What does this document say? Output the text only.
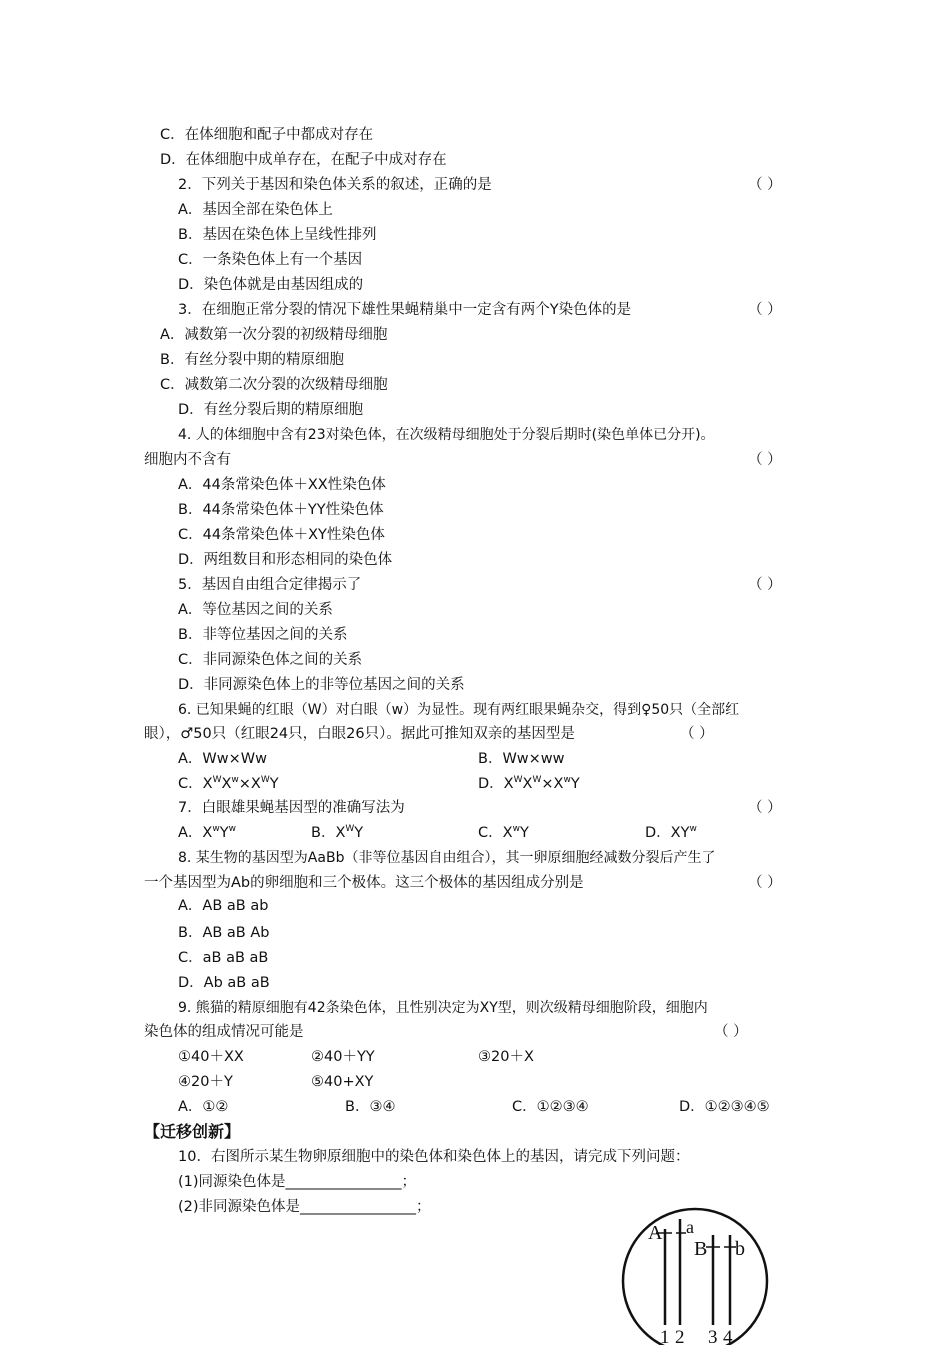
C．在体细胞和配子中都成对存在
D．在体细胞中成单存在，在配子中成对存在
2．下列关于基因和染色体关系的叙述，正确的是	（ ）
A．基因全部在染色体上
B．基因在染色体上呈线性排列
C．一条染色体上有一个基因
D．染色体就是由基因组成的
3．在细胞正常分裂的情况下雄性果蝇精巢中一定含有两个Y染色体的是	（ ）
A．减数第一次分裂的初级精母细胞
B．有丝分裂中期的精原细胞
C．减数第二次分裂的次级精母细胞
D．有丝分裂后期的精原细胞
4. 人的体细胞中含有23对染色体，在次级精母细胞处于分裂后期时(染色单体已分开)。
细胞内不含有	（ ）
A．44条常染色体＋XX性染色体
B．44条常染色体＋YY性染色体
C．44条常染色体＋XY性染色体
D．两组数目和形态相同的染色体
5．基因自由组合定律揭示了	（ ）
A．等位基因之间的关系
B．非等位基因之间的关系
C．非同源染色体之间的关系
D．非同源染色体上的非等位基因之间的关系
6. 已知果蝇的红眼（W）对白眼（w）为显性。现有两红眼果蝇杂交，得到♀50只（全部红
眼），♂50只（红眼24只，白眼26只）。据此可推知双亲的基因型是	（ ）
A．Ww×Ww	B．Ww×ww
C．$X^WX^w\times X^WY$	D．$X^WX^W\times X^wY$
7．白眼雄果蝇基因型的准确写法为	（ ）
A．$X^wY^w$	B．$X^WY$	C．$X^wY$	D．$XY^w$
8. 某生物的基因型为AaBb（非等位基因自由组合），其一卵原细胞经减数分裂后产生了
一个基因型为Ab的卵细胞和三个极体。这三个极体的基因组成分别是	（ ）
A．AB aB ab
B．AB aB Ab
C．aB aB aB
D．Ab aB aB
9. 熊猫的精原细胞有42条染色体，且性别决定为XY型，则次级精母细胞阶段，细胞内
染色体的组成情况可能是	（ ）
①40＋XX	②40＋YY	③20＋X
④20＋Y	⑤40+XY
A．①②	B．③④	C．①②③④	D．①②③④⑤
【迁移创新】
10．右图所示某生物卵原细胞中的染色体和染色体上的基因，请完成下列问题：
(1)同源染色体是________________；
(2)非同源染色体是________________；
A a
B b
1 2 3 4
